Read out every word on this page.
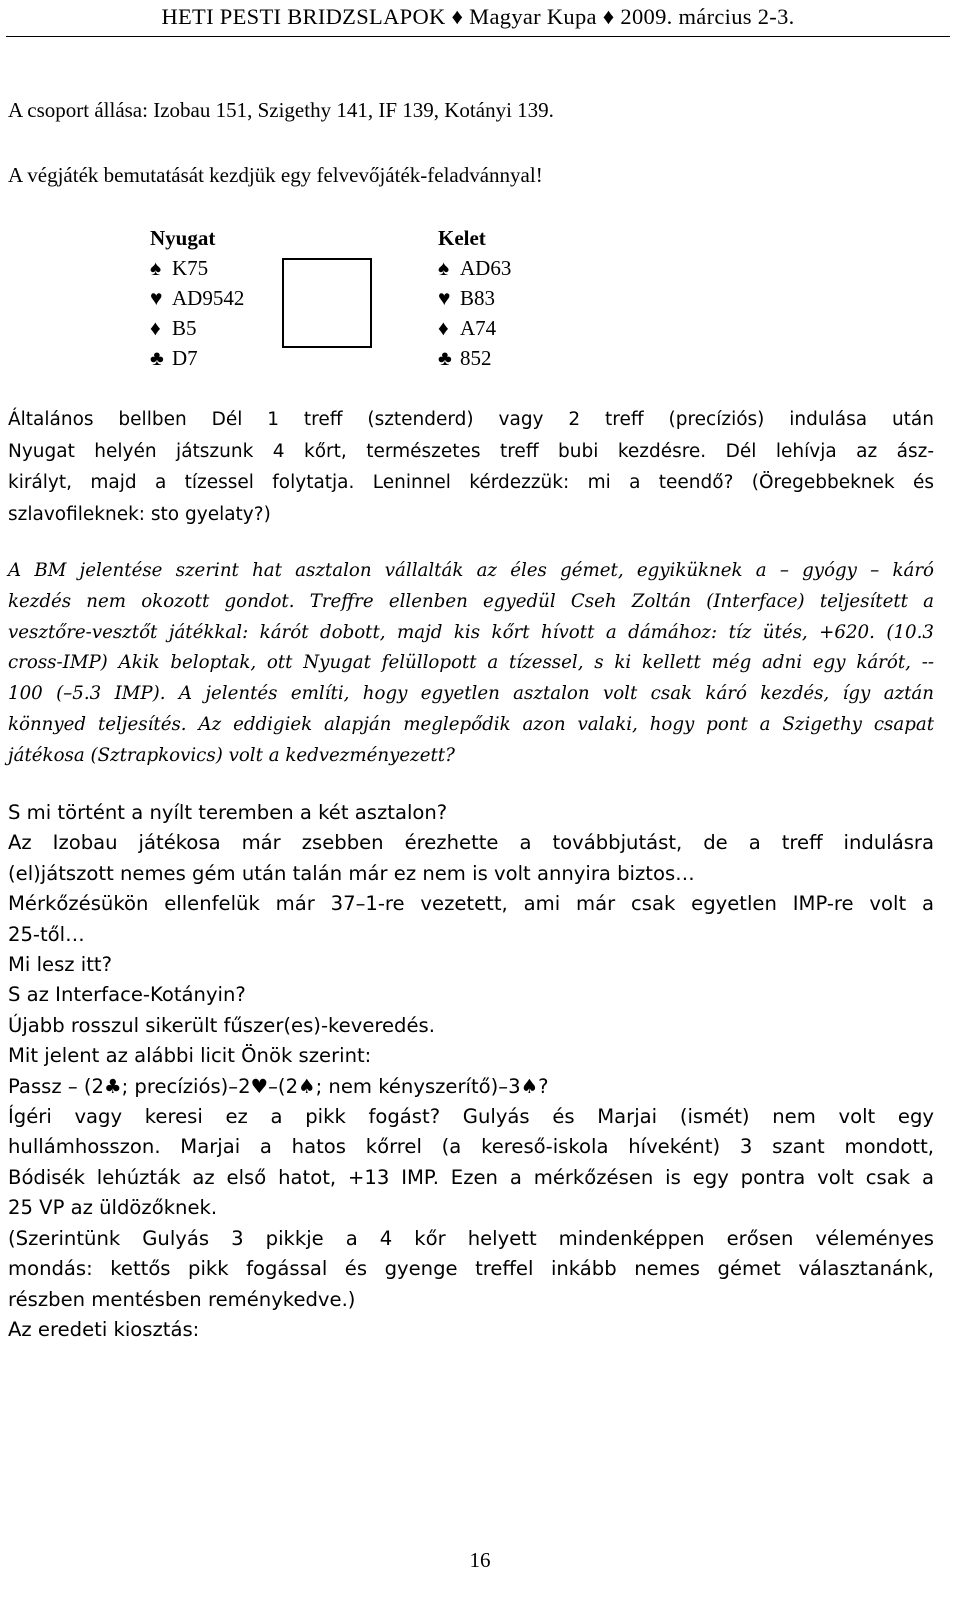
HETI PESTI BRIDZSLAPOK ♦ Magyar Kupa ♦ 2009. március 2-3.
A csoport állása: Izobau 151, Szigethy 141, IF 139, Kotányi 139.
A végjáték bemutatását kezdjük egy felvevőjáték-feladvánnyal!
Nyugat	Kelet
♠ K75
♥ AD9542
♦ B5
♣ D7
♠ AD63
♥ B83
♦ A74
♣ 852
Általános bellben Dél 1 treff (sztenderd) vagy 2 treff (precíziós) indulása után
Nyugat helyén játszunk 4 kőrt, természetes treff bubi kezdésre. Dél lehívja az ász-
királyt, majd a tízessel folytatja. Leninnel kérdezzük: mi a teendő? (Öregebbeknek és
szlavofileknek: sto gyelaty?)
A BM jelentése szerint hat asztalon vállalták az éles gémet, egyiküknek a – gyógy – káró
kezdés nem okozott gondot. Treffre ellenben egyedül Cseh Zoltán (Interface) teljesített a
vesztőre-vesztőt játékkal: kárót dobott, majd kis kőrt hívott a dámához: tíz ütés, +620. (10.3
cross-IMP) Akik beloptak, ott Nyugat felüllopott a tízessel, s ki kellett még adni egy kárót, --
100 (–5.3 IMP). A jelentés említi, hogy egyetlen asztalon volt csak káró kezdés, így aztán
könnyed teljesítés. Az eddigiek alapján meglepődik azon valaki, hogy pont a Szigethy csapat
játékosa (Sztrapkovics) volt a kedvezményezett?
S mi történt a nyílt teremben a két asztalon?
Az Izobau játékosa már zsebben érezhette a továbbjutást, de a treff indulásra
(el)játszott nemes gém után talán már ez nem is volt annyira biztos…
Mérkőzésükön ellenfelük már 37–1-re vezetett, ami már csak egyetlen IMP-re volt a
25-től…
Mi lesz itt?
S az Interface-Kotányin?
Újabb rosszul sikerült fűszer(es)-keveredés.
Mit jelent az alábbi licit Önök szerint:
Passz – (2♣; precíziós)–2♥–(2♠; nem kényszerítő)–3♠?
Ígéri vagy keresi ez a pikk fogást? Gulyás és Marjai (ismét) nem volt egy
hullámhosszon. Marjai a hatos kőrrel (a kereső-iskola híveként) 3 szant mondott,
Bódisék lehúzták az első hatot, +13 IMP. Ezen a mérkőzésen is egy pontra volt csak a
25 VP az üldözőknek.
(Szerintünk Gulyás 3 pikkje a 4 kőr helyett mindenképpen erősen véleményes
mondás: kettős pikk fogással és gyenge treffel inkább nemes gémet választanánk,
részben mentésben reménykedve.)
Az eredeti kiosztás:
16
